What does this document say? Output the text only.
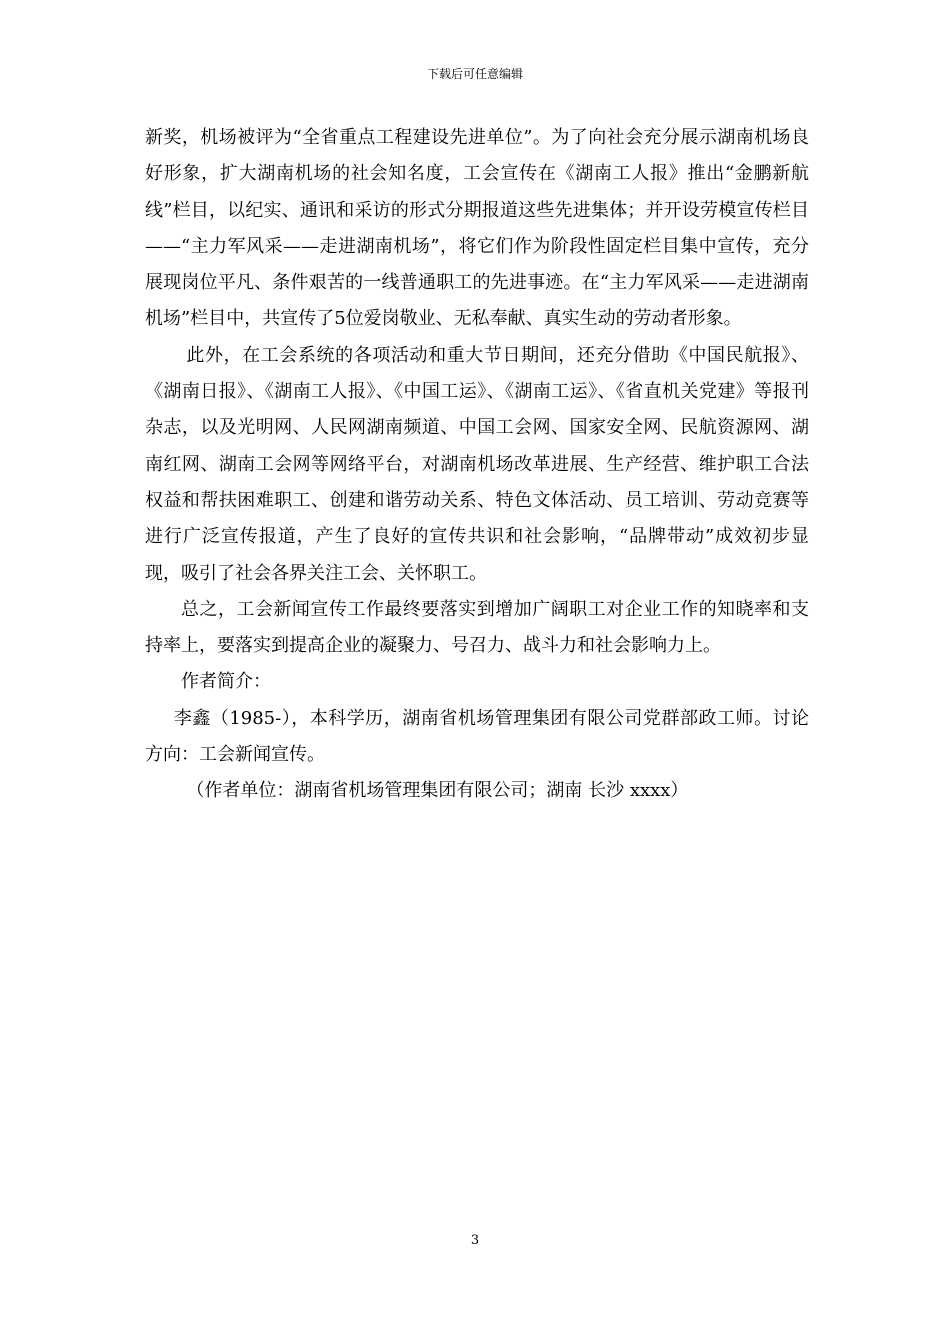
下载后可任意编辑

新奖，机场被评为“全省重点工程建设先进单位”。为了向社会充分展示湖南机场良好形象，扩大湖南机场的社会知名度，工会宣传在《湖南工人报》推出“金鹏新航线”栏目，以纪实、通讯和采访的形式分期报道这些先进集体；并开设劳模宣传栏目——“主力军风采——走进湖南机场”，将它们作为阶段性固定栏目集中宣传，充分展现岗位平凡、条件艰苦的一线普通职工的先进事迹。在“主力军风采——走进湖南机场”栏目中，共宣传了5位爱岗敬业、无私奉献、真实生动的劳动者形象。

此外，在工会系统的各项活动和重大节日期间，还充分借助《中国民航报》、《湖南日报》、《湖南工人报》、《中国工运》、《湖南工运》、《省直机关党建》等报刊杂志，以及光明网、人民网湖南频道、中国工会网、国家安全网、民航资源网、湖南红网、湖南工会网等网络平台，对湖南机场改革进展、生产经营、维护职工合法权益和帮扶困难职工、创建和谐劳动关系、特色文体活动、员工培训、劳动竞赛等进行广泛宣传报道，产生了良好的宣传共识和社会影响，“品牌带动”成效初步显现，吸引了社会各界关注工会、关怀职工。

总之，工会新闻宣传工作最终要落实到增加广阔职工对企业工作的知晓率和支持率上，要落实到提高企业的凝聚力、号召力、战斗力和社会影响力上。

作者简介：

李鑫（1985-），本科学历，湖南省机场管理集团有限公司党群部政工师。讨论方向：工会新闻宣传。

（作者单位：湖南省机场管理集团有限公司；湖南 长沙 xxxx）

3
